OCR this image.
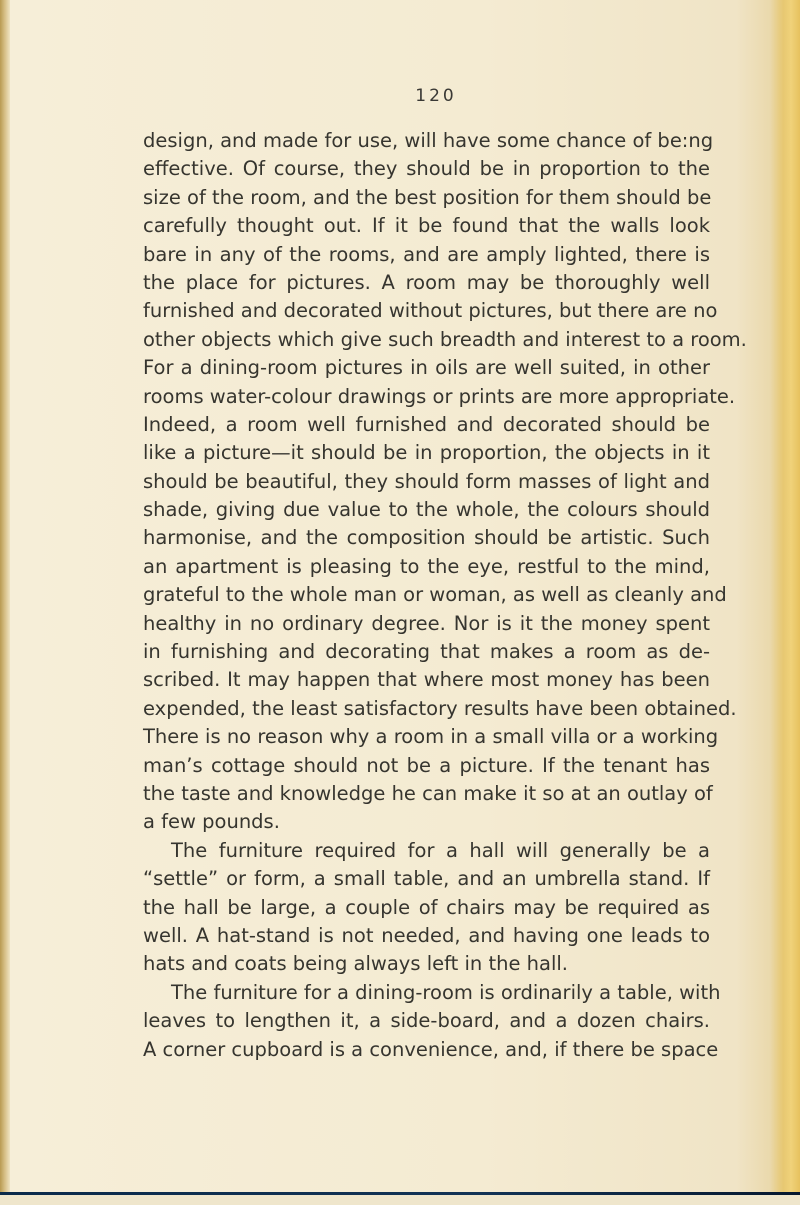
120
design, and made for use, will have some chance of be:ng
effective. Of course, they should be in proportion to the
size of the room, and the best position for them should be
carefully thought out. If it be found that the walls look
bare in any of the rooms, and are amply lighted, there is
the place for pictures. A room may be thoroughly well
furnished and decorated without pictures, but there are no
other objects which give such breadth and interest to a room.
For a dining-room pictures in oils are well suited, in other
rooms water-colour drawings or prints are more appropriate.
Indeed, a room well furnished and decorated should be
like a picture—it should be in proportion, the objects in it
should be beautiful, they should form masses of light and
shade, giving due value to the whole, the colours should
harmonise, and the composition should be artistic. Such
an apartment is pleasing to the eye, restful to the mind,
grateful to the whole man or woman, as well as cleanly and
healthy in no ordinary degree. Nor is it the money spent
in furnishing and decorating that makes a room as de-
scribed. It may happen that where most money has been
expended, the least satisfactory results have been obtained.
There is no reason why a room in a small villa or a working
man’s cottage should not be a picture. If the tenant has
the taste and knowledge he can make it so at an outlay of
a few pounds.
The furniture required for a hall will generally be a
“settle” or form, a small table, and an umbrella stand. If
the hall be large, a couple of chairs may be required as
well. A hat-stand is not needed, and having one leads to
hats and coats being always left in the hall.
The furniture for a dining-room is ordinarily a table, with
leaves to lengthen it, a side-board, and a dozen chairs.
A corner cupboard is a convenience, and, if there be space
